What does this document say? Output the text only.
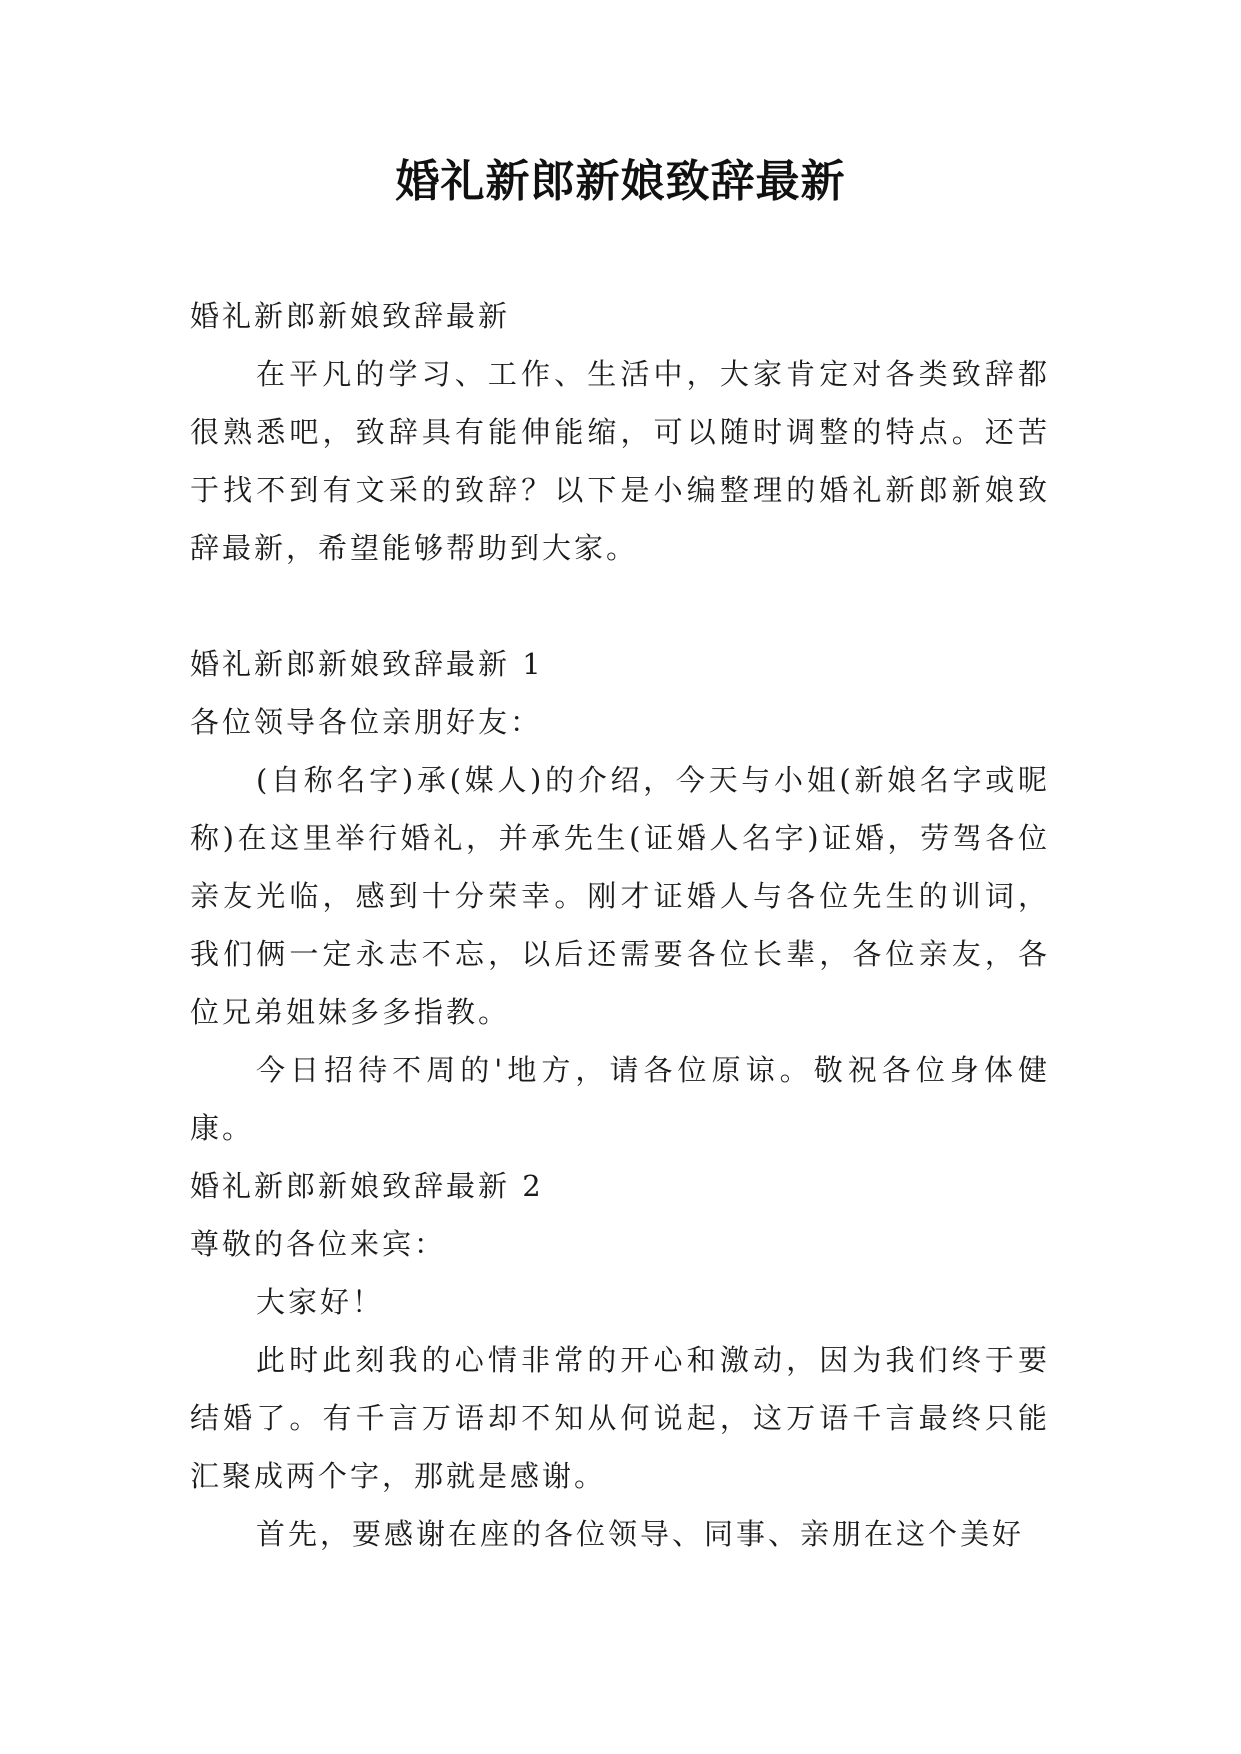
婚礼新郎新娘致辞最新

婚礼新郎新娘致辞最新

在平凡的学习、工作、生活中，大家肯定对各类致辞都很熟悉吧，致辞具有能伸能缩，可以随时调整的特点。还苦于找不到有文采的致辞？以下是小编整理的婚礼新郎新娘致辞最新，希望能够帮助到大家。

婚礼新郎新娘致辞最新 1

各位领导各位亲朋好友：

(自称名字)承(媒人)的介绍，今天与小姐(新娘名字或昵称)在这里举行婚礼，并承先生(证婚人名字)证婚，劳驾各位亲友光临，感到十分荣幸。刚才证婚人与各位先生的训词，我们俩一定永志不忘，以后还需要各位长辈，各位亲友，各位兄弟姐妹多多指教。

今日招待不周的'地方，请各位原谅。敬祝各位身体健康。

婚礼新郎新娘致辞最新 2

尊敬的各位来宾：

大家好！

此时此刻我的心情非常的开心和激动，因为我们终于要结婚了。有千言万语却不知从何说起，这万语千言最终只能汇聚成两个字，那就是感谢。

首先，要感谢在座的各位领导、同事、亲朋在这个美好
